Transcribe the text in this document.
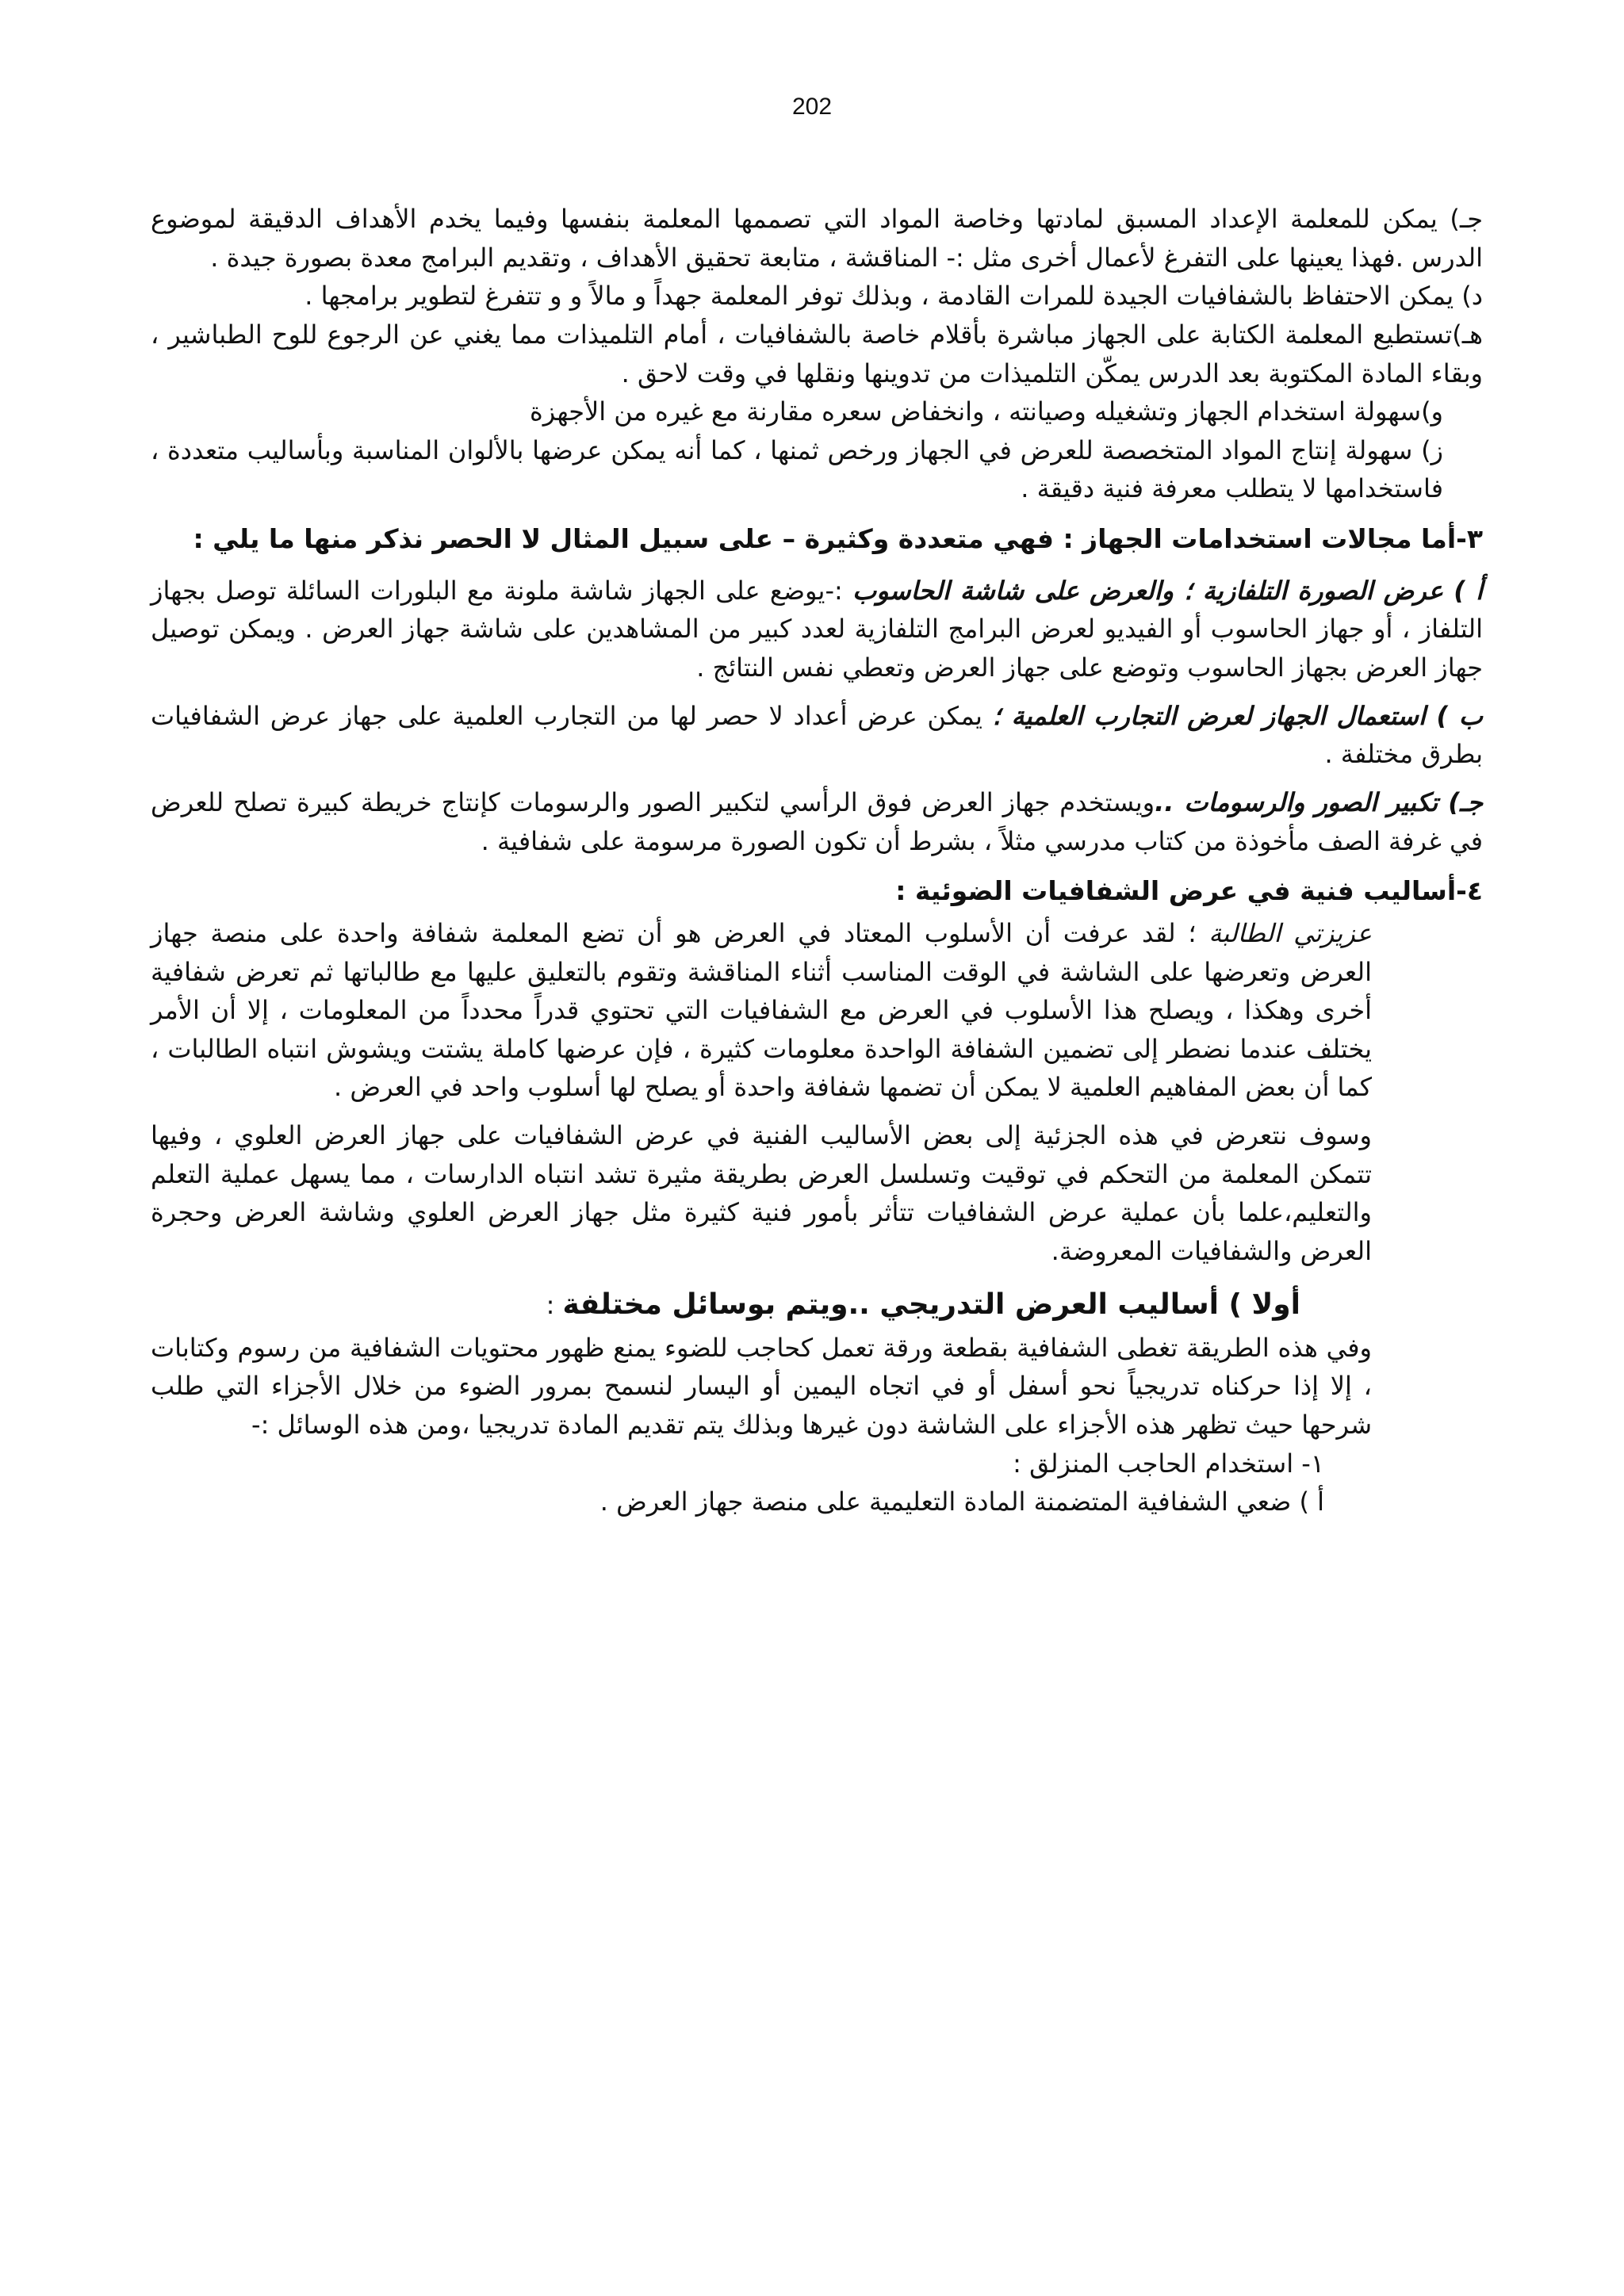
202

جـ) يمكن للمعلمة الإعداد المسبق لمادتها وخاصة المواد التي تصممها المعلمة بنفسها وفيما يخدم الأهداف الدقيقة لموضوع الدرس .فهذا يعينها على التفرغ لأعمال أخرى مثل :- المناقشة ، متابعة تحقيق الأهداف ، وتقديم البرامج معدة بصورة جيدة .

د) يمكن الاحتفاظ بالشفافيات الجيدة للمرات القادمة ، وبذلك توفر المعلمة جهداً و مالاً و و تتفرغ لتطوير برامجها .

هـ)تستطيع المعلمة الكتابة على الجهاز مباشرة بأقلام خاصة بالشفافيات ، أمام التلميذات مما يغني عن الرجوع للوح الطباشير ، وبقاء المادة المكتوبة بعد الدرس يمكّن التلميذات من تدوينها ونقلها في وقت لاحق .

و)سهولة استخدام الجهاز وتشغيله وصيانته ، وانخفاض سعره مقارنة مع غيره من الأجهزة

ز) سهولة إنتاج المواد المتخصصة للعرض في الجهاز ورخص ثمنها ، كما أنه يمكن عرضها بالألوان المناسبة وبأساليب متعددة ، فاستخدامها لا يتطلب معرفة فنية دقيقة .

٣-أما مجالات استخدامات الجهاز : فهي متعددة وكثيرة – على سبيل المثال لا الحصر نذكر منها ما يلي :

أ ) عرض الصورة التلفازية ؛ والعرض على شاشة الحاسوب :-يوضع على الجهاز شاشة ملونة مع البلورات السائلة توصل بجهاز التلفاز ، أو جهاز الحاسوب أو الفيديو لعرض البرامج التلفازية لعدد كبير من المشاهدين على شاشة جهاز العرض . ويمكن توصيل جهاز العرض بجهاز الحاسوب وتوضع على جهاز العرض وتعطي نفس النتائج .

ب ) استعمال الجهاز لعرض التجارب العلمية ؛ يمكن عرض أعداد لا حصر لها من التجارب العلمية على جهاز عرض الشفافيات بطرق مختلفة .

جـ) تكبير الصور والرسومات ..ويستخدم جهاز العرض فوق الرأسي لتكبير الصور والرسومات كإنتاج خريطة كبيرة تصلح للعرض في غرفة الصف مأخوذة من كتاب مدرسي مثلاً ، بشرط أن تكون الصورة مرسومة على شفافية .

٤-أساليب فنية في عرض الشفافيات الضوئية :

عزيزتي الطالبة ؛ لقد عرفت أن الأسلوب المعتاد في العرض هو أن تضع المعلمة شفافة واحدة على منصة جهاز العرض وتعرضها على الشاشة في الوقت المناسب أثناء المناقشة وتقوم بالتعليق عليها مع طالباتها ثم تعرض شفافية أخرى وهكذا ، ويصلح هذا الأسلوب في العرض مع الشفافيات التي تحتوي قدراً محدداً من المعلومات ، إلا أن الأمر يختلف عندما نضطر إلى تضمين الشفافة الواحدة معلومات كثيرة ، فإن عرضها كاملة يشتت ويشوش انتباه الطالبات ، كما أن بعض المفاهيم العلمية لا يمكن أن تضمها شفافة واحدة أو يصلح لها أسلوب واحد في العرض .

وسوف نتعرض في هذه الجزئية إلى بعض الأساليب الفنية في عرض الشفافيات على جهاز العرض العلوي ، وفيها تتمكن المعلمة من التحكم في توقيت وتسلسل العرض بطريقة مثيرة تشد انتباه الدارسات ، مما يسهل عملية التعلم والتعليم،علما بأن عملية عرض الشفافيات تتأثر بأمور فنية كثيرة مثل جهاز العرض العلوي وشاشة العرض وحجرة العرض والشفافيات المعروضة.

أولا ) أساليب العرض التدريجي ..ويتم بوسائل مختلفة :

وفي هذه الطريقة تغطى الشفافية بقطعة ورقة تعمل كحاجب للضوء يمنع ظهور محتويات الشفافية من رسوم وكتابات ، إلا إذا حركناه تدريجياً نحو أسفل أو في اتجاه اليمين أو اليسار لنسمح بمرور الضوء من خلال الأجزاء التي طلب شرحها حيث تظهر هذه الأجزاء على الشاشة دون غيرها وبذلك يتم تقديم المادة تدريجيا ،ومن هذه الوسائل :-

١- استخدام الحاجب المنزلق :

أ ) ضعي الشفافية المتضمنة المادة التعليمية على منصة جهاز العرض .
